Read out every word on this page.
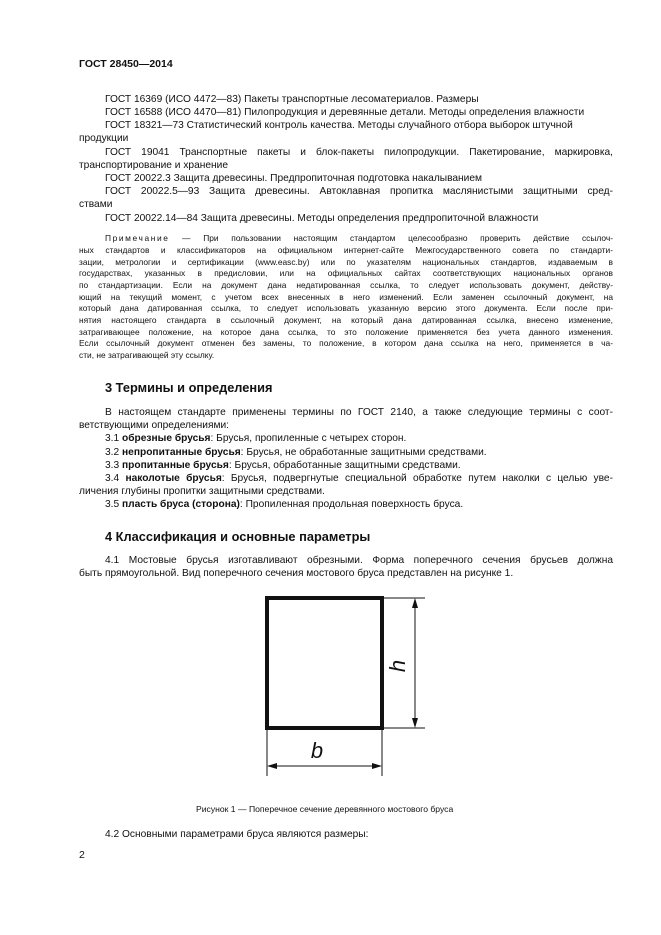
ГОСТ 28450—2014
ГОСТ 16369 (ИСО 4472—83) Пакеты транспортные лесоматериалов. Размеры
ГОСТ 16588 (ИСО 4470—81) Пилопродукция и деревянные детали. Методы определения влажности
ГОСТ 18321—73 Статистический контроль качества. Методы случайного отбора выборок штучной
продукции
ГОСТ 19041 Транспортные пакеты и блок-пакеты пилопродукции. Пакетирование, маркировка,
транспортирование и хранение
ГОСТ 20022.3 Защита древесины. Предпропиточная подготовка накалыванием
ГОСТ 20022.5—93 Защита древесины. Автоклавная пропитка маслянистыми защитными сред-
ствами
ГОСТ 20022.14—84 Защита древесины. Методы определения предпропиточной влажности
Примечание — При пользовании настоящим стандартом целесообразно проверить действие ссылоч-
ных стандартов и классификаторов на официальном интернет-сайте Межгосударственного совета по стандарти-
зации, метрологии и сертификации (www.easc.by) или по указателям национальных стандартов, издаваемым в
государствах, указанных в предисловии, или на официальных сайтах соответствующих национальных органов
по стандартизации. Если на документ дана недатированная ссылка, то следует использовать документ, действу-
ющий на текущий момент, с учетом всех внесенных в него изменений. Если заменен ссылочный документ, на
который дана датированная ссылка, то следует использовать указанную версию этого документа. Если после при-
нятия настоящего стандарта в ссылочный документ, на который дана датированная ссылка, внесено изменение,
затрагивающее положение, на которое дана ссылка, то это положение применяется без учета данного изменения.
Если ссылочный документ отменен без замены, то положение, в котором дана ссылка на него, применяется в ча-
сти, не затрагивающей эту ссылку.
3 Термины и определения
В настоящем стандарте применены термины по ГОСТ 2140, а также следующие термины с соот-
ветствующими определениями:
3.1 обрезные брусья: Брусья, пропиленные с четырех сторон.
3.2 непропитанные брусья: Брусья, не обработанные защитными средствами.
3.3 пропитанные брусья: Брусья, обработанные защитными средствами.
3.4 наколотые брусья: Брусья, подвергнутые специальной обработке путем наколки с целью уве-
личения глубины пропитки защитными средствами.
3.5 пласть бруса (сторона): Пропиленная продольная поверхность бруса.
4 Классификация и основные параметры
4.1 Мостовые брусья изготавливают обрезными. Форма поперечного сечения брусьев должна
быть прямоугольной. Вид поперечного сечения мостового бруса представлен на рисунке 1.
h
b
Рисунок 1 — Поперечное сечение деревянного мостового бруса
4.2 Основными параметрами бруса являются размеры:
2
